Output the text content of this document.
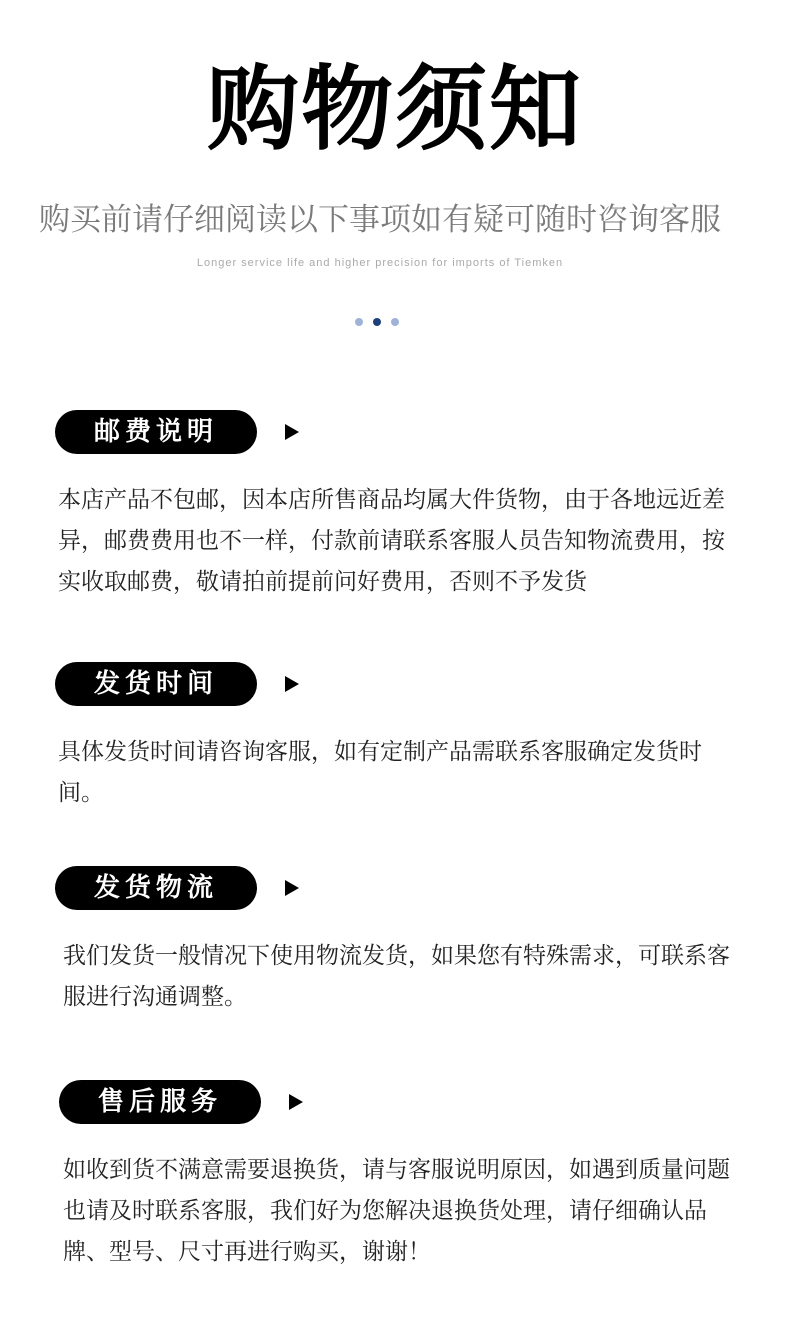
购物须知
购买前请仔细阅读以下事项如有疑可随时咨询客服
Longer service life and higher precision for imports of Tiemken
邮费说明
本店产品不包邮，因本店所售商品均属大件货物，由于各地远近差异，邮费费用也不一样，付款前请联系客服人员告知物流费用，按实收取邮费，敬请拍前提前问好费用，否则不予发货
发货时间
具体发货时间请咨询客服，如有定制产品需联系客服确定发货时间。
发货物流
我们发货一般情况下使用物流发货，如果您有特殊需求，可联系客服进行沟通调整。
售后服务
如收到货不满意需要退换货，请与客服说明原因，如遇到质量问题也请及时联系客服，我们好为您解决退换货处理，请仔细确认品牌、型号、尺寸再进行购买，谢谢！
